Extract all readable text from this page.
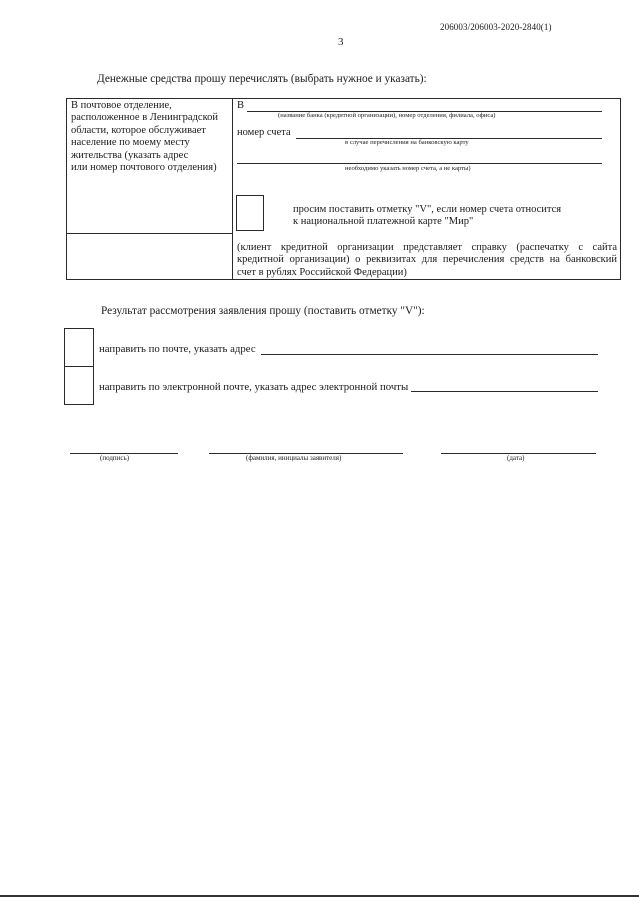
206003/206003-2020-2840(1)
3
Денежные средства прошу перечислять (выбрать нужное и указать):
В почтовое отделение,
расположенное в Ленинградской
области, которое обслуживает
население по моему месту
жительства (указать адрес
или номер почтового отделения)
В
(название банка (кредитной организации), номер отделения, филиала, офиса)
номер счета
в случае перечисления на банковскую карту
необходимо указать номер счета, а не карты)
просим поставить отметку "V", если номер счета относится
к национальной платежной карте "Мир"
(клиент кредитной организации представляет справку (распечатку с сайта
кредитной организации) о реквизитах для перечисления средств на банковский
счет в рублях Российской Федерации)
Результат рассмотрения заявления прошу (поставить отметку "V"):
направить по почте, указать адрес
направить по электронной почте, указать адрес электронной почты
(подпись)	(фамилия, инициалы заявителя)	(дата)
